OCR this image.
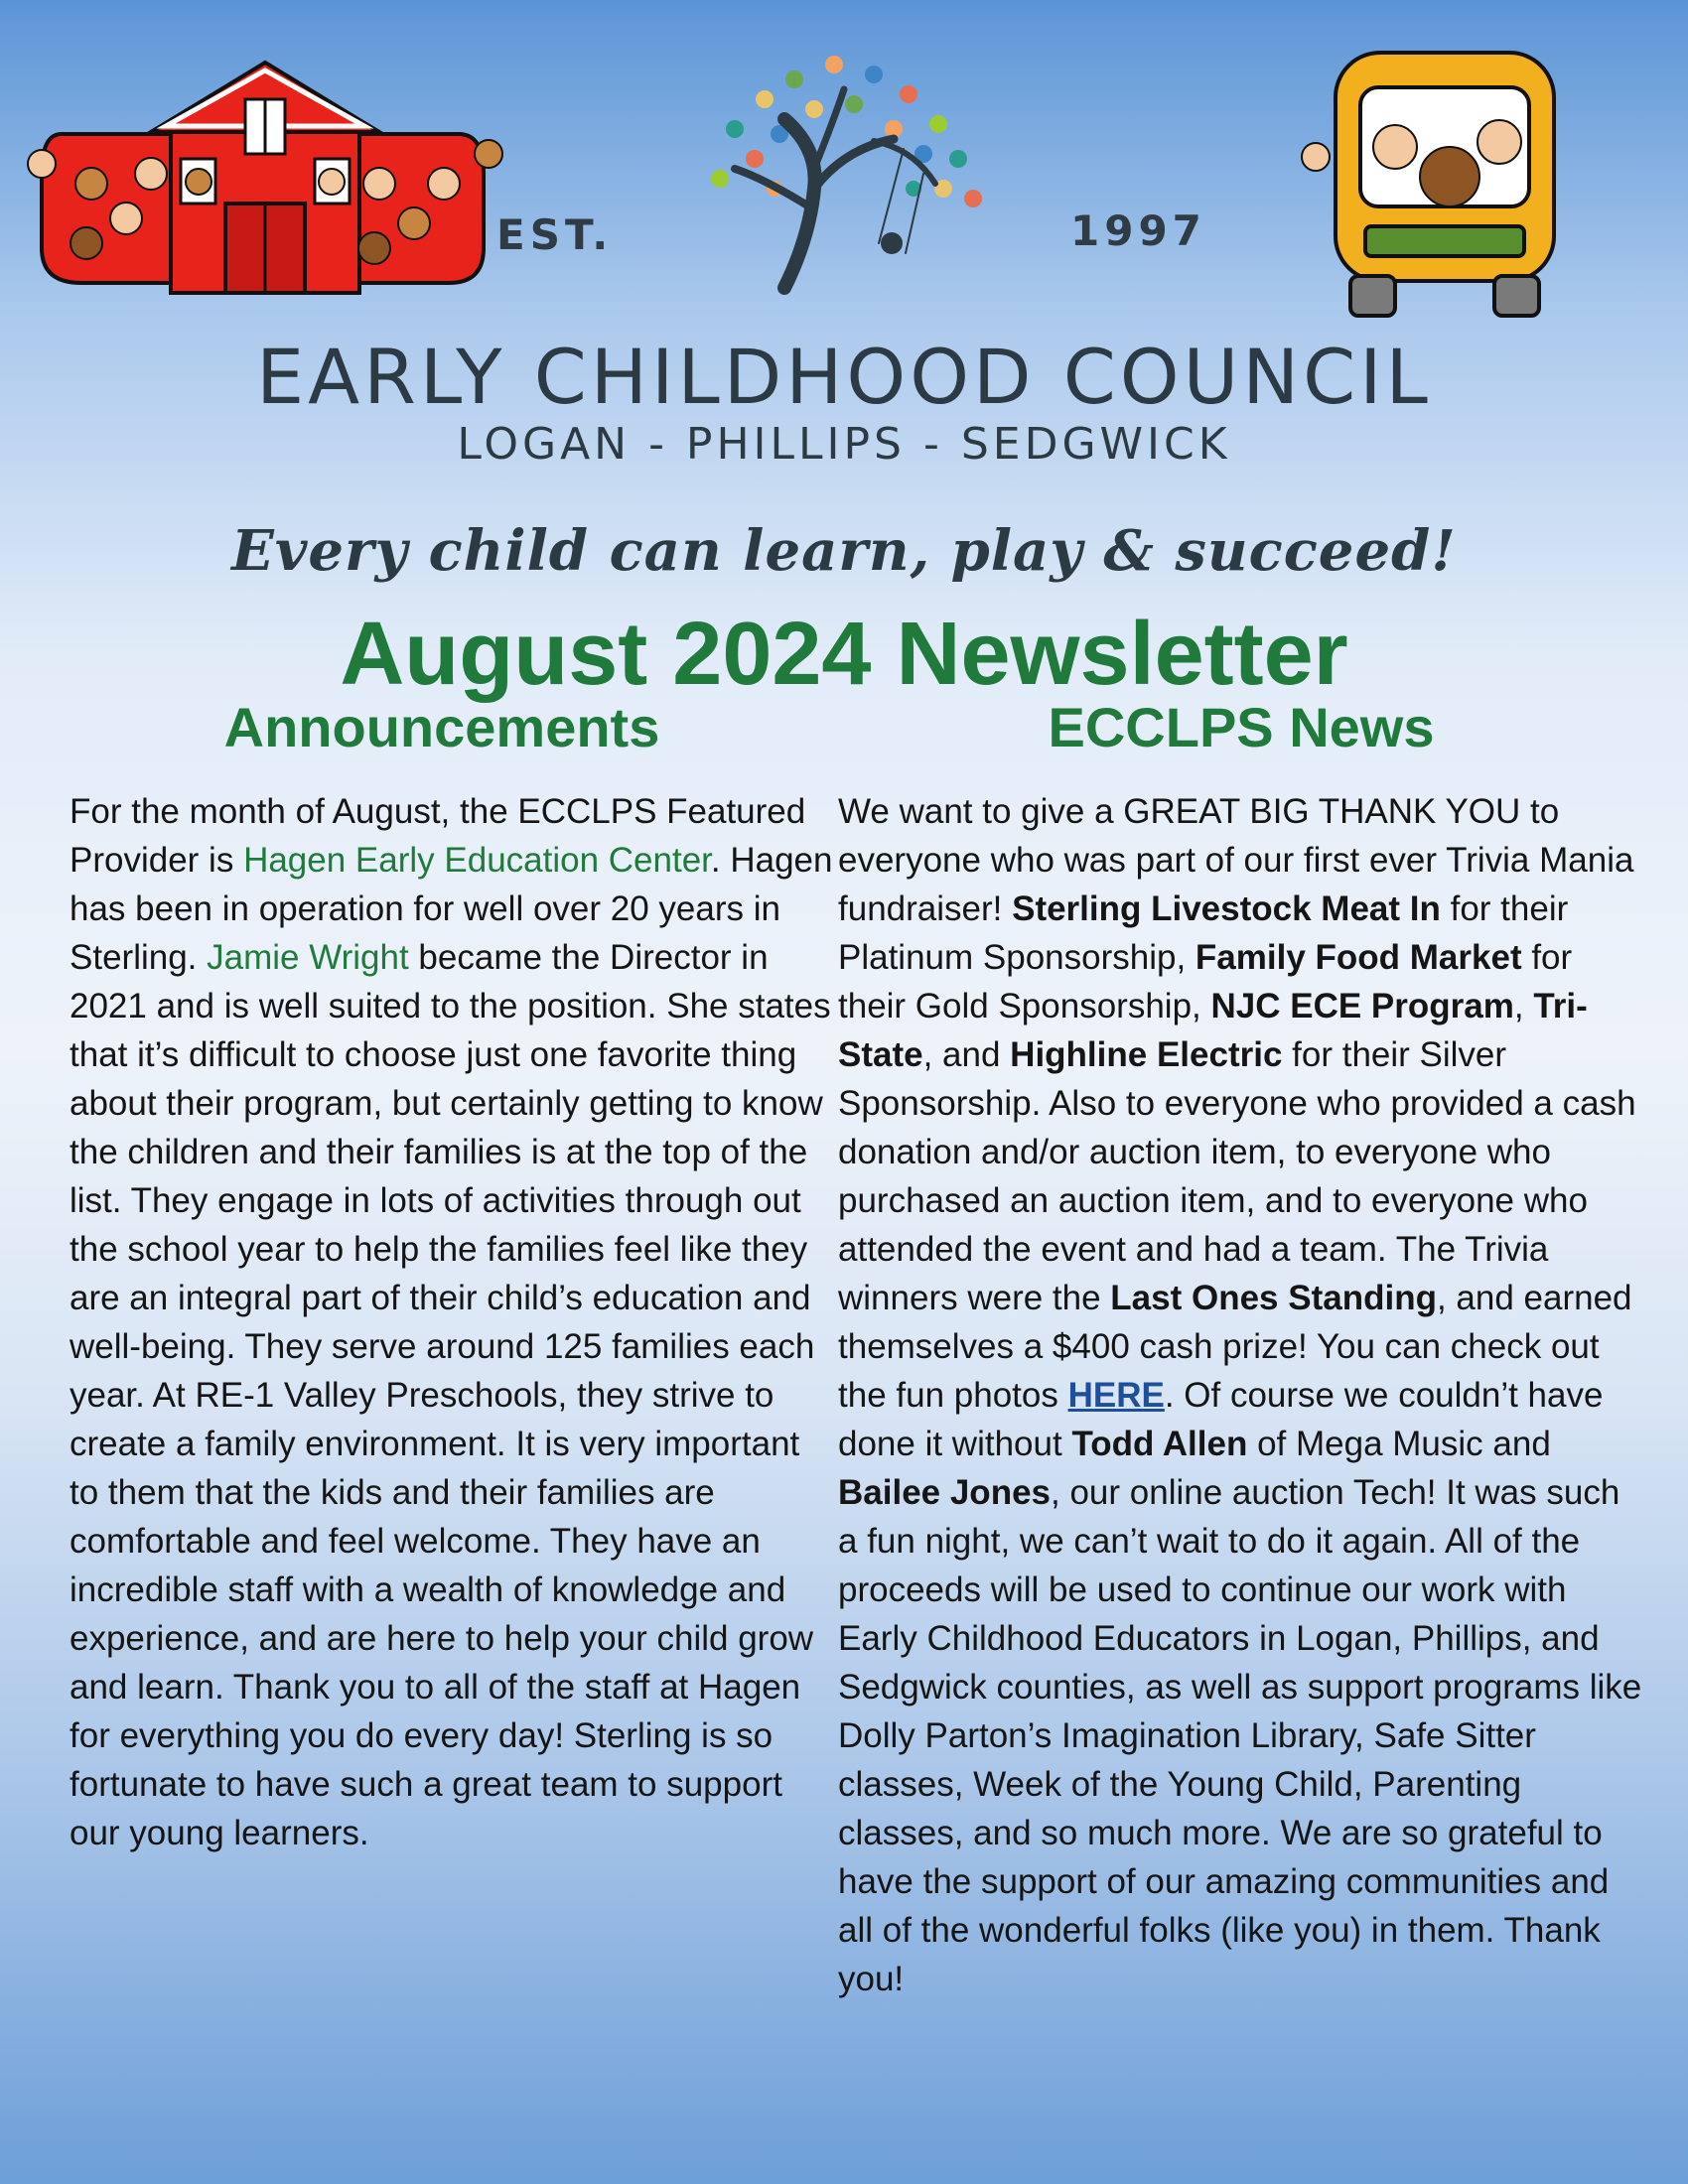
EST.	1997
EARLY CHILDHOOD COUNCIL
LOGAN - PHILLIPS - SEDGWICK
Every child can learn, play & succeed!
August 2024 Newsletter
Announcements	ECCLPS News

For the month of August, the ECCLPS Featured Provider is Hagen Early Education Center. Hagen has been in operation for well over 20 years in Sterling. Jamie Wright became the Director in 2021 and is well suited to the position. She states that it’s difficult to choose just one favorite thing about their program, but certainly getting to know the children and their families is at the top of the list. They engage in lots of activities through out the school year to help the families feel like they are an integral part of their child’s education and well-being. They serve around 125 families each year. At RE-1 Valley Preschools, they strive to create a family environment. It is very important to them that the kids and their families are comfortable and feel welcome. They have an incredible staff with a wealth of knowledge and experience, and are here to help your child grow and learn. Thank you to all of the staff at Hagen for everything you do every day! Sterling is so fortunate to have such a great team to support our young learners.

We want to give a GREAT BIG THANK YOU to everyone who was part of our first ever Trivia Mania fundraiser! Sterling Livestock Meat In for their Platinum Sponsorship, Family Food Market for their Gold Sponsorship, NJC ECE Program, Tri-State, and Highline Electric for their Silver Sponsorship. Also to everyone who provided a cash donation and/or auction item, to everyone who purchased an auction item, and to everyone who attended the event and had a team. The Trivia winners were the Last Ones Standing, and earned themselves a $400 cash prize! You can check out the fun photos HERE. Of course we couldn’t have done it without Todd Allen of Mega Music and Bailee Jones, our online auction Tech! It was such a fun night, we can’t wait to do it again. All of the proceeds will be used to continue our work with Early Childhood Educators in Logan, Phillips, and Sedgwick counties, as well as support programs like Dolly Parton’s Imagination Library, Safe Sitter classes, Week of the Young Child, Parenting classes, and so much more. We are so grateful to have the support of our amazing communities and all of the wonderful folks (like you) in them. Thank you!
